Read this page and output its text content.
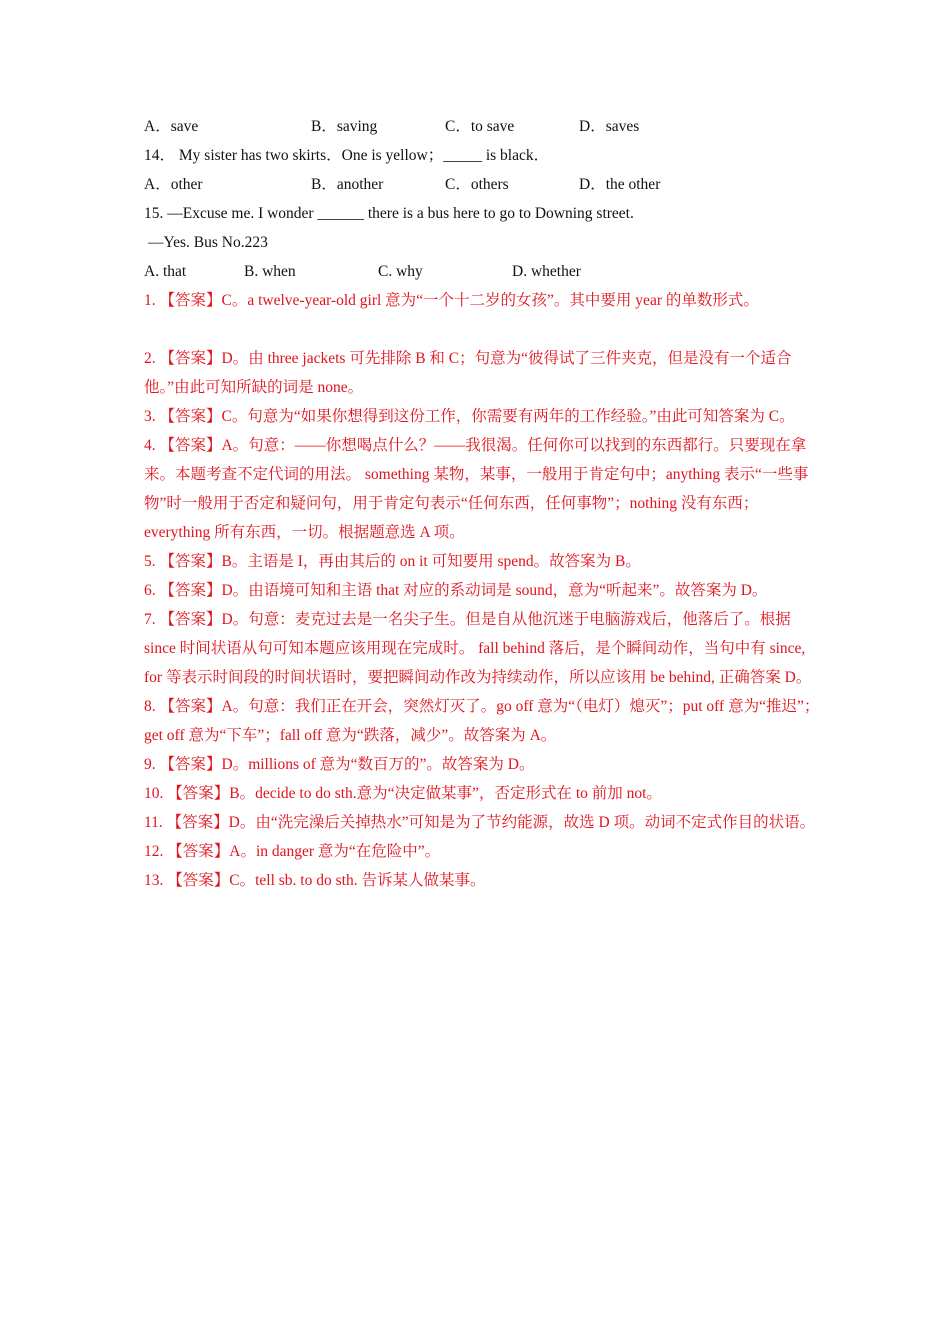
A．save	B．saving	C．to save	D．saves
14． My sister has two skirts．One is yellow；_____ is black．
A．other	B．another	C．others	D．the other
15. —Excuse me. I wonder ______ there is a bus here to go to Downing street.
—Yes. Bus No.223
A. that	B. when	C. why	D. whether

1. 【答案】C。a twelve-year-old girl 意为“一个十二岁的女孩”。其中要用 year 的单数形式。

2. 【答案】D。由 three jackets 可先排除 B 和 C；句意为“彼得试了三件夹克，但是没有一个适合他。”由此可知所缺的词是 none。

3. 【答案】C。句意为“如果你想得到这份工作，你需要有两年的工作经验。”由此可知答案为 C。

4. 【答案】A。句意：——你想喝点什么？——我很渴。任何你可以找到的东西都行。只要现在拿来。本题考查不定代词的用法。 something 某物，某事，一般用于肯定句中；anything 表示“一些事物”时一般用于否定和疑问句，用于肯定句表示“任何东西，任何事物”；nothing 没有东西；everything 所有东西，一切。根据题意选 A 项。

5. 【答案】B。主语是 I，再由其后的 on it 可知要用 spend。故答案为 B。

6. 【答案】D。由语境可知和主语 that 对应的系动词是 sound，意为“听起来”。故答案为 D。

7. 【答案】D。句意：麦克过去是一名尖子生。但是自从他沉迷于电脑游戏后，他落后了。根据 since 时间状语从句可知本题应该用现在完成时。 fall behind 落后，是个瞬间动作，当句中有 since, for 等表示时间段的时间状语时，要把瞬间动作改为持续动作，所以应该用 be behind, 正确答案 D。

8. 【答案】A。句意：我们正在开会，突然灯灭了。go off 意为“（电灯）熄灭”；put off 意为“推迟”；get off 意为“下车”；fall off 意为“跌落，减少”。故答案为 A。

9. 【答案】D。millions of 意为“数百万的”。故答案为 D。

10. 【答案】B。decide to do sth.意为“决定做某事”，否定形式在 to 前加 not。

11. 【答案】D。由“洗完澡后关掉热水”可知是为了节约能源，故选 D 项。动词不定式作目的状语。

12. 【答案】A。in danger 意为“在危险中”。

13. 【答案】C。tell sb. to do sth. 告诉某人做某事。
